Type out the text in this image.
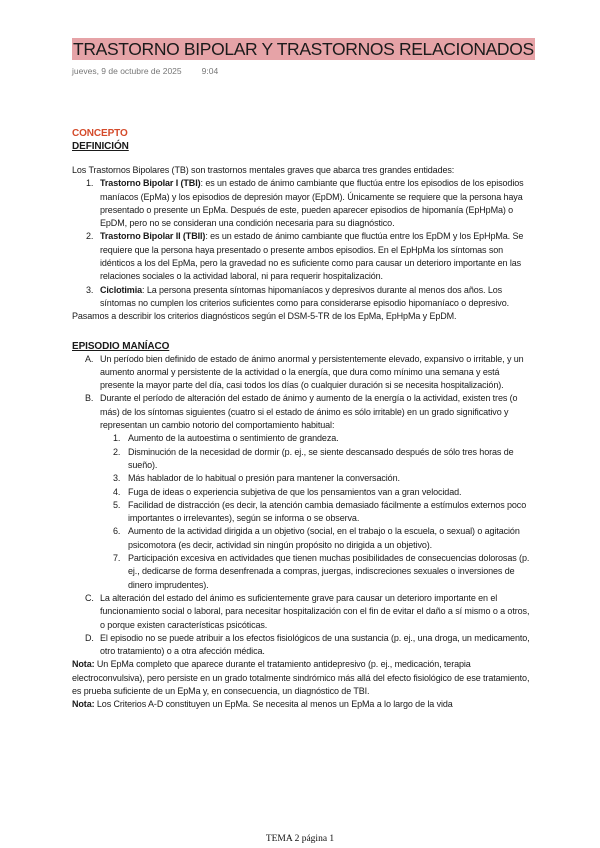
TRASTORNO BIPOLAR Y TRASTORNOS RELACIONADOS
jueves, 9 de octubre de 2025 9:04
CONCEPTO
DEFINICIÓN

Los Trastornos Bipolares (TB) son trastornos mentales graves que abarca tres grandes entidades:

1. Trastorno Bipolar I (TBI): es un estado de ánimo cambiante que fluctúa entre los episodios de los episodios maníacos (EpMa) y los episodios de depresión mayor (EpDM). Únicamente se requiere que la persona haya presentado o presente un EpMa. Después de este, pueden aparecer episodios de hipomanía (EpHpMa) o EpDM, pero no se consideran una condición necesaria para su diagnóstico.
2. Trastorno Bipolar II (TBII): es un estado de ánimo cambiante que fluctúa entre los EpDM y los EpHpMa. Se requiere que la persona haya presentado o presente ambos episodios. En el EpHpMa los síntomas son idénticos a los del EpMa, pero la gravedad no es suficiente como para causar un deterioro importante en las relaciones sociales o la actividad laboral, ni para requerir hospitalización.
3. Ciclotimia: La persona presenta síntomas hipomaníacos y depresivos durante al menos dos años. Los síntomas no cumplen los criterios suficientes como para considerarse episodio hipomaníaco o depresivo.

Pasamos a describir los criterios diagnósticos según el DSM-5-TR de los EpMa, EpHpMa y EpDM.

EPISODIO MANÍACO
A. Un período bien definido de estado de ánimo anormal y persistentemente elevado, expansivo o irritable, y un aumento anormal y persistente de la actividad o la energía, que dura como mínimo una semana y está presente la mayor parte del día, casi todos los días (o cualquier duración si se necesita hospitalización).
B. Durante el período de alteración del estado de ánimo y aumento de la energía o la actividad, existen tres (o más) de los síntomas siguientes (cuatro si el estado de ánimo es sólo irritable) en un grado significativo y representan un cambio notorio del comportamiento habitual:
1. Aumento de la autoestima o sentimiento de grandeza.
2. Disminución de la necesidad de dormir (p. ej., se siente descansado después de sólo tres horas de sueño).
3. Más hablador de lo habitual o presión para mantener la conversación.
4. Fuga de ideas o experiencia subjetiva de que los pensamientos van a gran velocidad.
5. Facilidad de distracción (es decir, la atención cambia demasiado fácilmente a estímulos externos poco importantes o irrelevantes), según se informa o se observa.
6. Aumento de la actividad dirigida a un objetivo (social, en el trabajo o la escuela, o sexual) o agitación psicomotora (es decir, actividad sin ningún propósito no dirigida a un objetivo).
7. Participación excesiva en actividades que tienen muchas posibilidades de consecuencias dolorosas (p. ej., dedicarse de forma desenfrenada a compras, juergas, indiscreciones sexuales o inversiones de dinero imprudentes).
C. La alteración del estado del ánimo es suficientemente grave para causar un deterioro importante en el funcionamiento social o laboral, para necesitar hospitalización con el fin de evitar el daño a sí mismo o a otros, o porque existen características psicóticas.
D. El episodio no se puede atribuir a los efectos fisiológicos de una sustancia (p. ej., una droga, un medicamento, otro tratamiento) o a otra afección médica.

Nota: Un EpMa completo que aparece durante el tratamiento antidepresivo (p. ej., medicación, terapia electroconvulsiva), pero persiste en un grado totalmente sindrómico más allá del efecto fisiológico de ese tratamiento, es prueba suficiente de un EpMa y, en consecuencia, un diagnóstico de TBI.

Nota: Los Criterios A-D constituyen un EpMa. Se necesita al menos un EpMa a lo largo de la vida

TEMA 2 página 1
